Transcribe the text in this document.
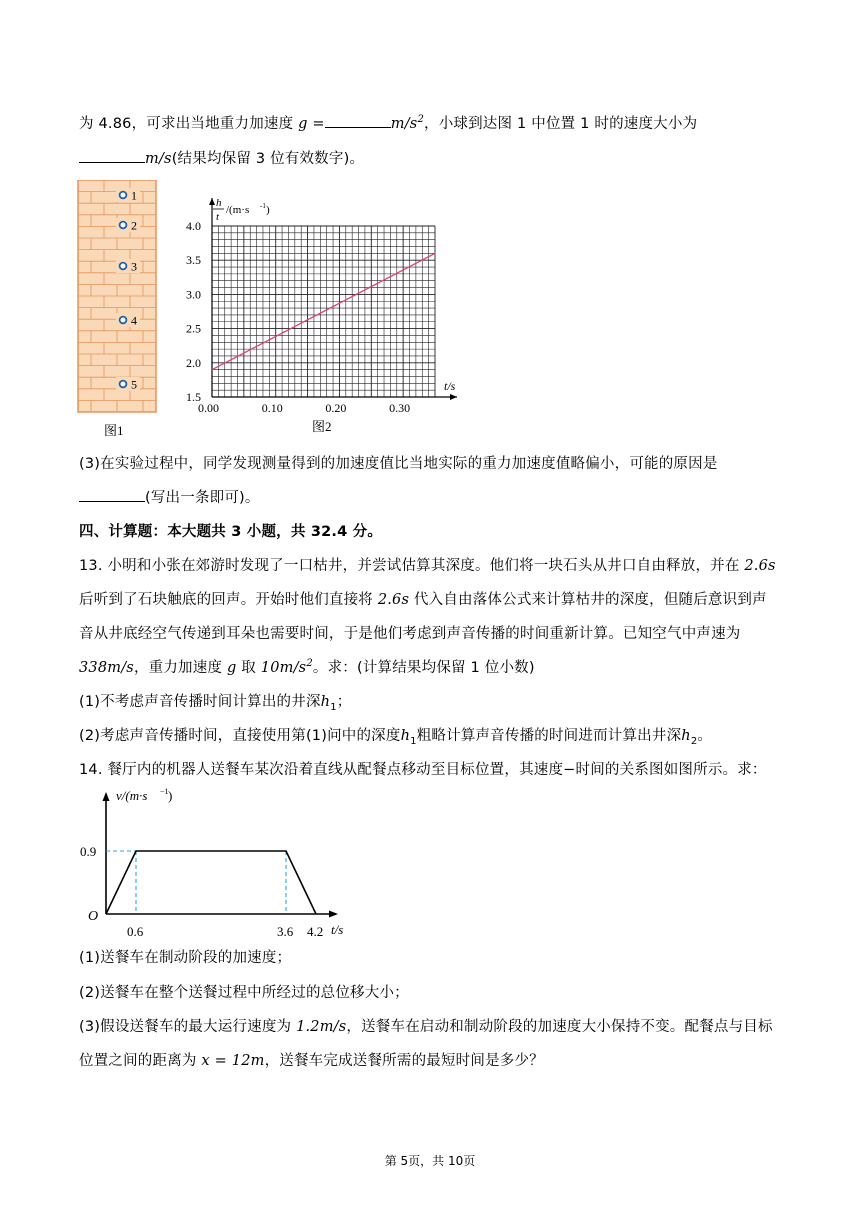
为 4.86，可求出当地重力加速度 g =	$m/s^2$，小球到达图 1 中位置 1 时的速度大小为
m/s(结果均保留 3 位有效数字)。
1
2
3
4
5
图1
1.5
2.0
2.5
3.0
3.5
4.0
0.00	0.10	0.20	0.30
h
t
/(m·s -1 )
t/s
图2
(3)在实验过程中，同学发现测量得到的加速度值比当地实际的重力加速度值略偏小，可能的原因是
(写出一条即可)。
四、计算题：本大题共 3 小题，共 32.4 分。
13. 小明和小张在郊游时发现了一口枯井，并尝试估算其深度。他们将一块石头从井口自由释放，并在 2.6s
后听到了石块触底的回声。开始时他们直接将 2.6s 代入自由落体公式来计算枯井的深度，但随后意识到声
音从井底经空气传递到耳朵也需要时间，于是他们考虑到声音传播的时间重新计算。已知空气中声速为
338m/s，重力加速度 g 取 $10m/s^2$。求：(计算结果均保留 1 位小数)
(1)不考虑声音传播时间计算出的井深$h_1$；
(2)考虑声音传播时间，直接使用第(1)问中的深度$h_1$粗略计算声音传播的时间进而计算出井深$h_2$。
14. 餐厅内的机器人送餐车某次沿着直线从配餐点移动至目标位置，其速度−时间的关系图如图所示。求：
O
0.9
0.6	3.6 4.2 t/s
v/(m·s −1 )
(1)送餐车在制动阶段的加速度；
(2)送餐车在整个送餐过程中所经过的总位移大小；
(3)假设送餐车的最大运行速度为 1.2m/s，送餐车在启动和制动阶段的加速度大小保持不变。配餐点与目标
位置之间的距离为 x = 12m，送餐车完成送餐所需的最短时间是多少？
第 5页，共 10页
